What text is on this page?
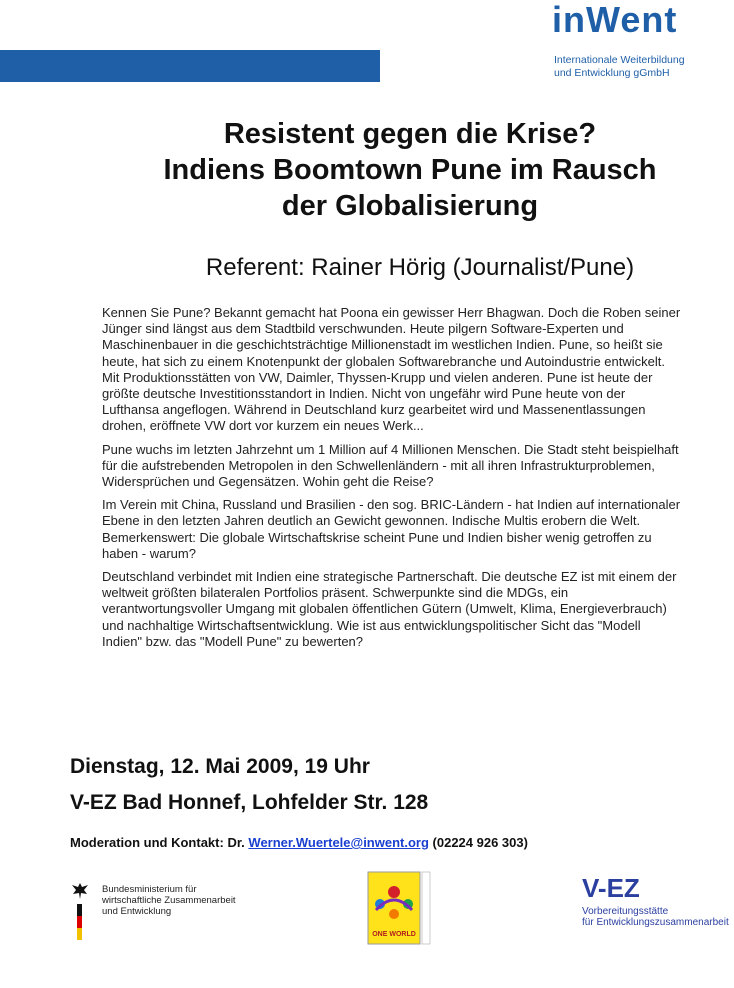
inWent
Internationale Weiterbildung
und Entwicklung gGmbH
Resistent gegen die Krise?
Indiens Boomtown Pune im Rausch
der Globalisierung

Referent: Rainer Hörig (Journalist/Pune)

Kennen Sie Pune? Bekannt gemacht hat Poona ein gewisser Herr Bhagwan. Doch die Roben seiner Jünger sind längst aus dem Stadtbild verschwunden. Heute pilgern Software-Experten und Maschinenbauer in die geschichtsträchtige Millionenstadt im westlichen Indien. Pune, so heißt sie heute, hat sich zu einem Knotenpunkt der globalen Softwarebranche und Autoindustrie entwickelt. Mit Produktionsstätten von VW, Daimler, Thyssen-Krupp und vielen anderen. Pune ist heute der größte deutsche Investitionsstandort in Indien. Nicht von ungefähr wird Pune heute von der Lufthansa angeflogen. Während in Deutschland kurz gearbeitet wird und Massenentlassungen drohen, eröffnete VW dort vor kurzem ein neues Werk...

Pune wuchs im letzten Jahrzehnt um 1 Million auf 4 Millionen Menschen. Die Stadt steht beispielhaft für die aufstrebenden Metropolen in den Schwellenländern - mit all ihren Infrastrukturproblemen, Widersprüchen und Gegensätzen. Wohin geht die Reise?

Im Verein mit China, Russland und Brasilien - den sog. BRIC-Ländern - hat Indien auf internationaler Ebene in den letzten Jahren deutlich an Gewicht gewonnen. Indische Multis erobern die Welt. Bemerkenswert: Die globale Wirtschaftskrise scheint Pune und Indien bisher wenig getroffen zu haben - warum?

Deutschland verbindet mit Indien eine strategische Partnerschaft. Die deutsche EZ ist mit einem der weltweit größten bilateralen Portfolios präsent. Schwerpunkte sind die MDGs, ein verantwortungsvoller Umgang mit globalen öffentlichen Gütern (Umwelt, Klima, Energieverbrauch) und nachhaltige Wirtschaftsentwicklung. Wie ist aus entwicklungspolitischer Sicht das "Modell Indien" bzw. das "Modell Pune" zu bewerten?

Dienstag, 12. Mai 2009, 19 Uhr

V-EZ Bad Honnef, Lohfelder Str. 128

Moderation und Kontakt: Dr. Werner.Wuertele@inwent.org (02224 926 303)
Bundesministerium für
wirtschaftliche Zusammenarbeit
und Entwicklung
ONE WORLD
V-EZ
Vorbereitungsstätte
für Entwicklungszusammenarbeit
